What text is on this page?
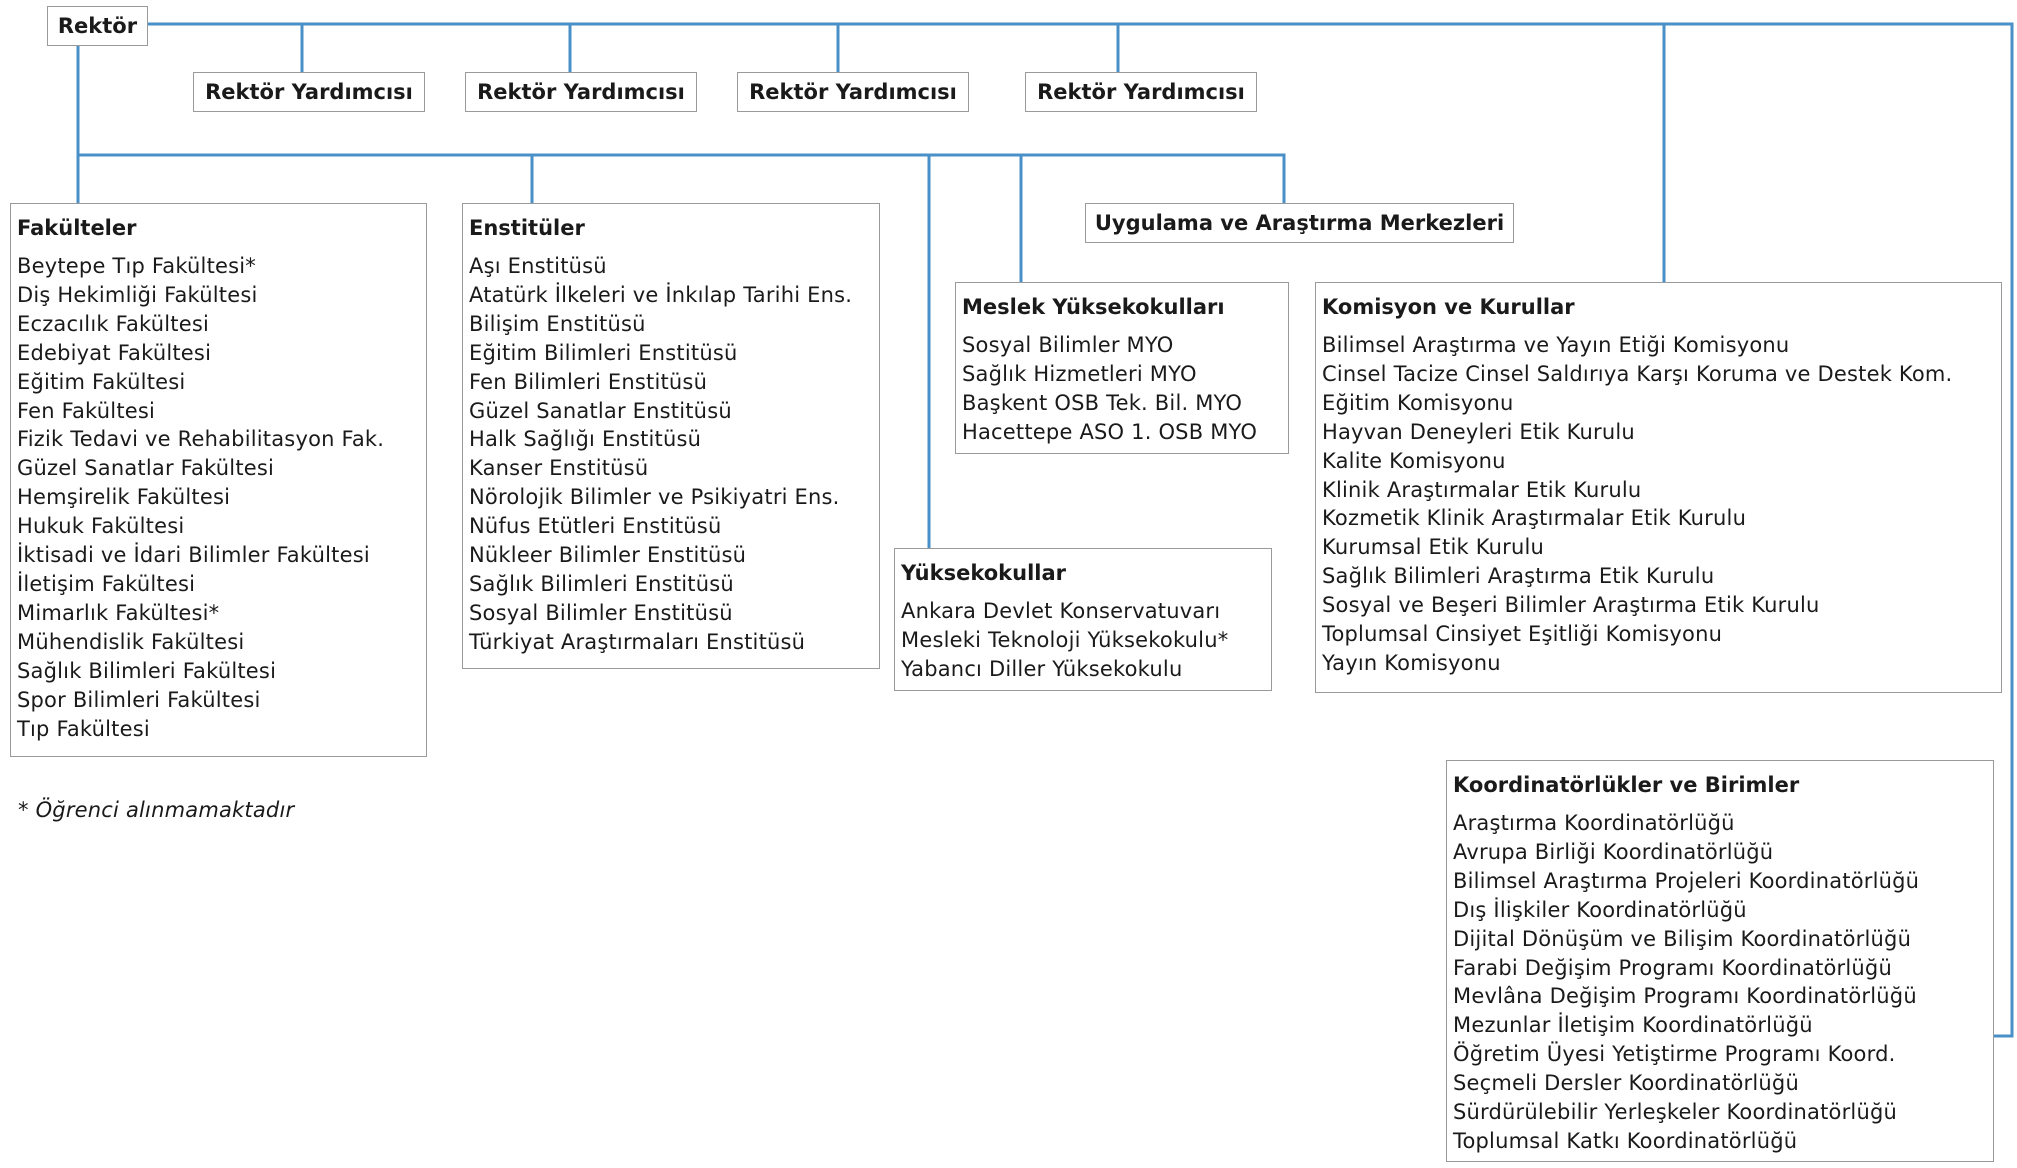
Rektör
Rektör Yardımcısı	Rektör Yardımcısı	Rektör Yardımcısı	Rektör Yardımcısı
Uygulama ve Araştırma Merkezleri
Fakülteler
Beytepe Tıp Fakültesi*
Diş Hekimliği Fakültesi
Eczacılık Fakültesi
Edebiyat Fakültesi
Eğitim Fakültesi
Fen Fakültesi
Fizik Tedavi ve Rehabilitasyon Fak.
Güzel Sanatlar Fakültesi
Hemşirelik Fakültesi
Hukuk Fakültesi
İktisadi ve İdari Bilimler Fakültesi
İletişim Fakültesi
Mimarlık Fakültesi*
Mühendislik Fakültesi
Sağlık Bilimleri Fakültesi
Spor Bilimleri Fakültesi
Tıp Fakültesi
Enstitüler
Aşı Enstitüsü
Atatürk İlkeleri ve İnkılap Tarihi Ens.
Bilişim Enstitüsü
Eğitim Bilimleri Enstitüsü
Fen Bilimleri Enstitüsü
Güzel Sanatlar Enstitüsü
Halk Sağlığı Enstitüsü
Kanser Enstitüsü
Nörolojik Bilimler ve Psikiyatri Ens.
Nüfus Etütleri Enstitüsü
Nükleer Bilimler Enstitüsü
Sağlık Bilimleri Enstitüsü
Sosyal Bilimler Enstitüsü
Türkiyat Araştırmaları Enstitüsü
Meslek Yüksekokulları
Sosyal Bilimler MYO
Sağlık Hizmetleri MYO
Başkent OSB Tek. Bil. MYO
Hacettepe ASO 1. OSB MYO
Yüksekokullar
Ankara Devlet Konservatuvarı
Mesleki Teknoloji Yüksekokulu*
Yabancı Diller Yüksekokulu
Komisyon ve Kurullar
Bilimsel Araştırma ve Yayın Etiği Komisyonu
Cinsel Tacize Cinsel Saldırıya Karşı Koruma ve Destek Kom.
Eğitim Komisyonu
Hayvan Deneyleri Etik Kurulu
Kalite Komisyonu
Klinik Araştırmalar Etik Kurulu
Kozmetik Klinik Araştırmalar Etik Kurulu
Kurumsal Etik Kurulu
Sağlık Bilimleri Araştırma Etik Kurulu
Sosyal ve Beşeri Bilimler Araştırma Etik Kurulu
Toplumsal Cinsiyet Eşitliği Komisyonu
Yayın Komisyonu
Koordinatörlükler ve Birimler
Araştırma Koordinatörlüğü
Avrupa Birliği Koordinatörlüğü
Bilimsel Araştırma Projeleri Koordinatörlüğü
Dış İlişkiler Koordinatörlüğü
Dijital Dönüşüm ve Bilişim Koordinatörlüğü
Farabi Değişim Programı Koordinatörlüğü
Mevlâna Değişim Programı Koordinatörlüğü
Mezunlar İletişim Koordinatörlüğü
Öğretim Üyesi Yetiştirme Programı Koord.
Seçmeli Dersler Koordinatörlüğü
Sürdürülebilir Yerleşkeler Koordinatörlüğü
Toplumsal Katkı Koordinatörlüğü
* Öğrenci alınmamaktadır
